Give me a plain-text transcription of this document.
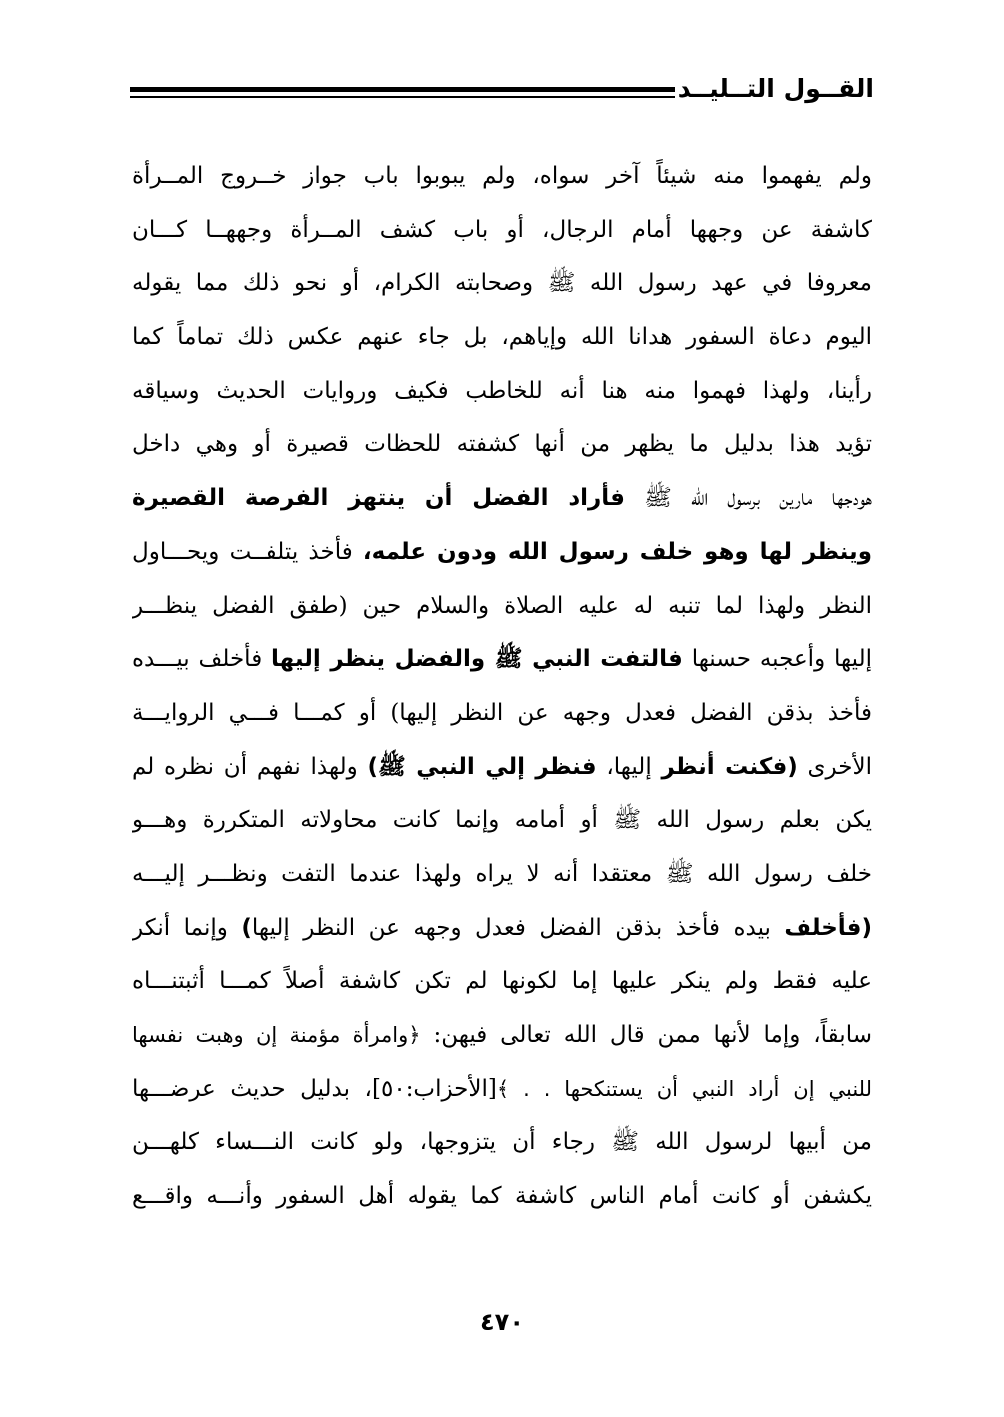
القــول التــليــد
ولم يفهموا منه شيئاً آخر سواه، ولم يبوبوا باب جواز خــروج المــرأة
كاشفة عن وجهها أمام الرجال، أو باب كشف المــرأة وجههــا كـــان
معروفا في عهد رسول الله ﷺ وصحابته الكرام، أو نحو ذلك مما يقوله
اليوم دعاة السفور هدانا الله وإياهم، بل جاء عنهم عكس ذلك تماماً كما
رأينا، ولهذا فهموا منه هنا أنه للخاطب فكيف وروايات الحديث وسياقه
تؤيد هذا بدليل ما يظهر من أنها كشفته للحظات قصيرة أو وهي داخل
هودجها مارين برسول الله ﷺ فأراد الفضل أن ينتهز الفرصة القصيرة
وينظر لها وهو خلف رسول الله ودون علمه، فأخذ يتلفــت ويحـــاول
النظر ولهذا لما تنبه له عليه الصلاة والسلام حين (طفق الفضل ينظـــر
إليها وأعجبه حسنها فالتفت النبي ﷺ والفضل ينظر إليها فأخلف بيـــده
فأخذ بذقن الفضل فعدل وجهه عن النظر إليها) أو كمـــا فـــي الروايـــة
الأخرى (فكنت أنظر إليها، فنظر إلي النبي ﷺ) ولهذا نفهم أن نظره لم
يكن بعلم رسول الله ﷺ أو أمامه وإنما كانت محاولاته المتكررة وهـــو
خلف رسول الله ﷺ معتقدا أنه لا يراه ولهذا عندما التفت ونظـــر إليـــه
(فأخلف بيده فأخذ بذقن الفضل فعدل وجهه عن النظر إليها) وإنما أنكر
عليه فقط ولم ينكر عليها إما لكونها لم تكن كاشفة أصلاً كمـــا أثبتنـــاه
سابقاً، وإما لأنها ممن قال الله تعالى فيهن: ﴿وامرأة مؤمنة إن وهبت نفسها
للنبي إن أراد النبي أن يستنكحها . . ﴾[الأحزاب:٥٠]، بدليل حديث عرضـــها
من أبيها لرسول الله ﷺ رجاء أن يتزوجها، ولو كانت النـــساء كلهـــن
يكشفن أو كانت أمام الناس كاشفة كما يقوله أهل السفور وأنـــه واقـــع
٤٧٠
